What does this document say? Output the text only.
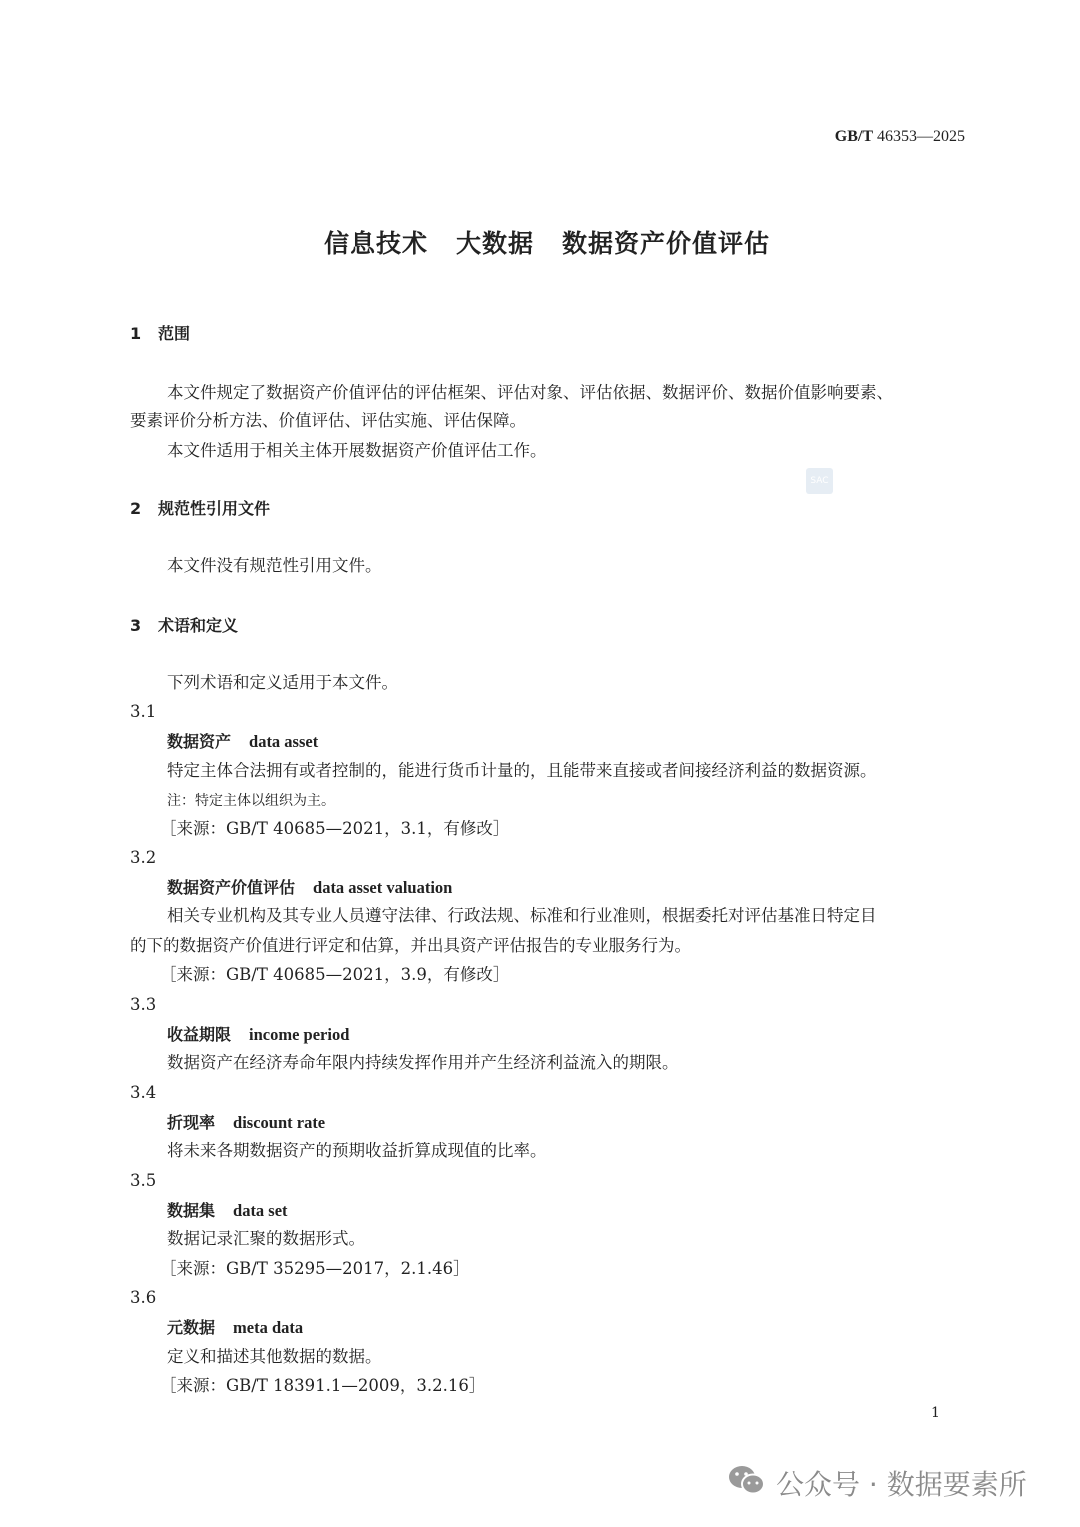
GB/T 46353—2025
信息技术 大数据 数据资产价值评估
1 范围
本文件规定了数据资产价值评估的评估框架、评估对象、评估依据、数据评价、数据价值影响要素、
要素评价分析方法、价值评估、评估实施、评估保障。
本文件适用于相关主体开展数据资产价值评估工作。
SAC
2 规范性引用文件
本文件没有规范性引用文件。
3 术语和定义
下列术语和定义适用于本文件。
3.1
数据资产 data asset
特定主体合法拥有或者控制的，能进行货币计量的，且能带来直接或者间接经济利益的数据资源。
注：特定主体以组织为主。
［来源：GB/T 40685—2021，3.1，有修改］
3.2
数据资产价值评估 data asset valuation
相关专业机构及其专业人员遵守法律、行政法规、标准和行业准则，根据委托对评估基准日特定目
的下的数据资产价值进行评定和估算，并出具资产评估报告的专业服务行为。
［来源：GB/T 40685—2021，3.9，有修改］
3.3
收益期限 income period
数据资产在经济寿命年限内持续发挥作用并产生经济利益流入的期限。
3.4
折现率 discount rate
将未来各期数据资产的预期收益折算成现值的比率。
3.5
数据集 data set
数据记录汇聚的数据形式。
［来源：GB/T 35295—2017，2.1.46］
3.6
元数据 meta data
定义和描述其他数据的数据。
［来源：GB/T 18391.1—2009，3.2.16］
1
公众号 · 数据要素所
